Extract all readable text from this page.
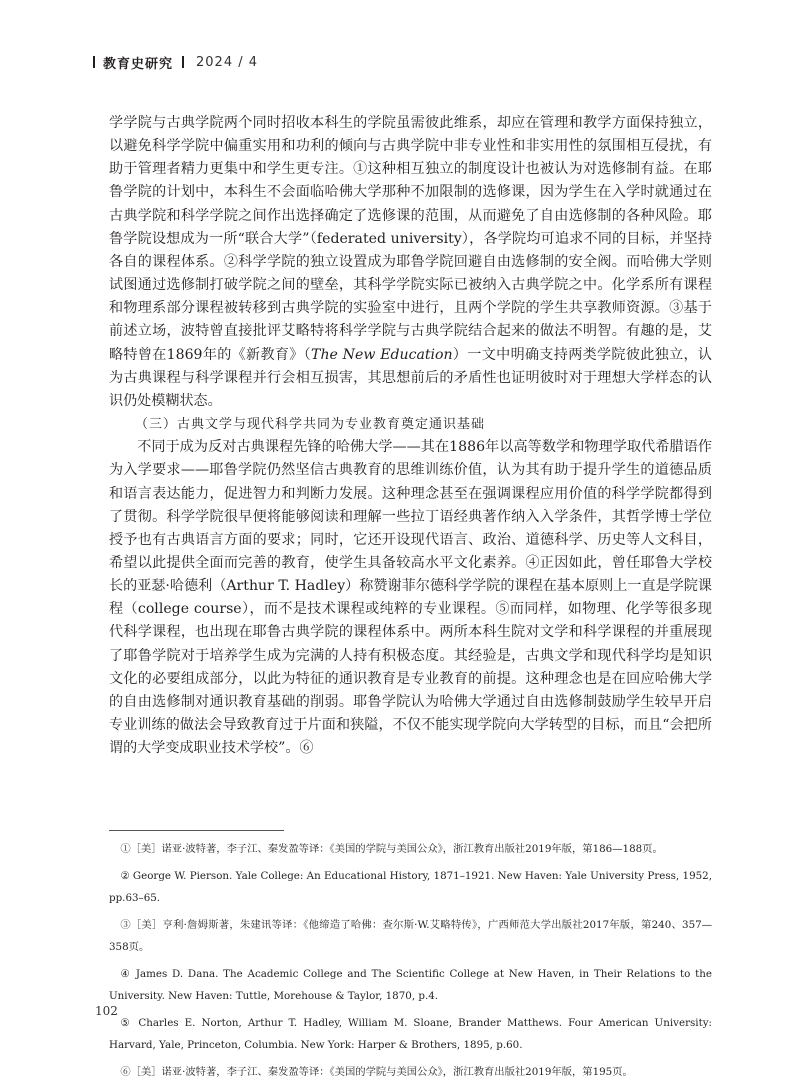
教育史研究 2024 / 4

学学院与古典学院两个同时招收本科生的学院虽需彼此维系，却应在管理和教学方面保持独立，以避免科学学院中偏重实用和功利的倾向与古典学院中非专业性和非实用性的氛围相互侵扰，有助于管理者精力更集中和学生更专注。①这种相互独立的制度设计也被认为对选修制有益。在耶鲁学院的计划中，本科生不会面临哈佛大学那种不加限制的选修课，因为学生在入学时就通过在古典学院和科学学院之间作出选择确定了选修课的范围，从而避免了自由选修制的各种风险。耶鲁学院设想成为一所“联合大学”（federated university），各学院均可追求不同的目标，并坚持各自的课程体系。②科学学院的独立设置成为耶鲁学院回避自由选修制的安全阀。而哈佛大学则试图通过选修制打破学院之间的壁垒，其科学学院实际已被纳入古典学院之中。化学系所有课程和物理系部分课程被转移到古典学院的实验室中进行，且两个学院的学生共享教师资源。③基于前述立场，波特曾直接批评艾略特将科学学院与古典学院结合起来的做法不明智。有趣的是，艾略特曾在1869年的《新教育》（The New Education）一文中明确支持两类学院彼此独立，认为古典课程与科学课程并行会相互损害，其思想前后的矛盾性也证明彼时对于理想大学样态的认识仍处模糊状态。

（三）古典文学与现代科学共同为专业教育奠定通识基础

不同于成为反对古典课程先锋的哈佛大学——其在1886年以高等数学和物理学取代希腊语作为入学要求——耶鲁学院仍然坚信古典教育的思维训练价值，认为其有助于提升学生的道德品质和语言表达能力，促进智力和判断力发展。这种理念甚至在强调课程应用价值的科学学院都得到了贯彻。科学学院很早便将能够阅读和理解一些拉丁语经典著作纳入入学条件，其哲学博士学位授予也有古典语言方面的要求；同时，它还开设现代语言、政治、道德科学、历史等人文科目，希望以此提供全面而完善的教育，使学生具备较高水平文化素养。④正因如此，曾任耶鲁大学校长的亚瑟·哈德利（Arthur T. Hadley）称赞谢菲尔德科学学院的课程在基本原则上一直是学院课程（college course），而不是技术课程或纯粹的专业课程。⑤而同样，如物理、化学等很多现代科学课程，也出现在耶鲁古典学院的课程体系中。两所本科生院对文学和科学课程的并重展现了耶鲁学院对于培养学生成为完满的人持有积极态度。其经验是，古典文学和现代科学均是知识文化的必要组成部分，以此为特征的通识教育是专业教育的前提。这种理念也是在回应哈佛大学的自由选修制对通识教育基础的削弱。耶鲁学院认为哈佛大学通过自由选修制鼓励学生较早开启专业训练的做法会导致教育过于片面和狭隘，不仅不能实现学院向大学转型的目标，而且“会把所谓的大学变成职业技术学校”。⑥

①［美］诺亚·波特著，李子江、秦发盈等译：《美国的学院与美国公众》，浙江教育出版社2019年版，第186—188页。

② George W. Pierson. Yale College: An Educational History, 1871–1921. New Haven: Yale University Press, 1952, pp.63–65.

③［美］亨利·詹姆斯著，朱建讯等译：《他缔造了哈佛：查尔斯·W.艾略特传》，广西师范大学出版社2017年版，第240、357—358页。

④ James D. Dana. The Academic College and The Scientific College at New Haven, in Their Relations to the University. New Haven: Tuttle, Morehouse & Taylor, 1870, p.4.

⑤ Charles E. Norton, Arthur T. Hadley, William M. Sloane, Brander Matthews. Four American University: Harvard, Yale, Princeton, Columbia. New York: Harper & Brothers, 1895, p.60.

⑥［美］诺亚·波特著，李子江、秦发盈等译：《美国的学院与美国公众》，浙江教育出版社2019年版，第195页。

102
